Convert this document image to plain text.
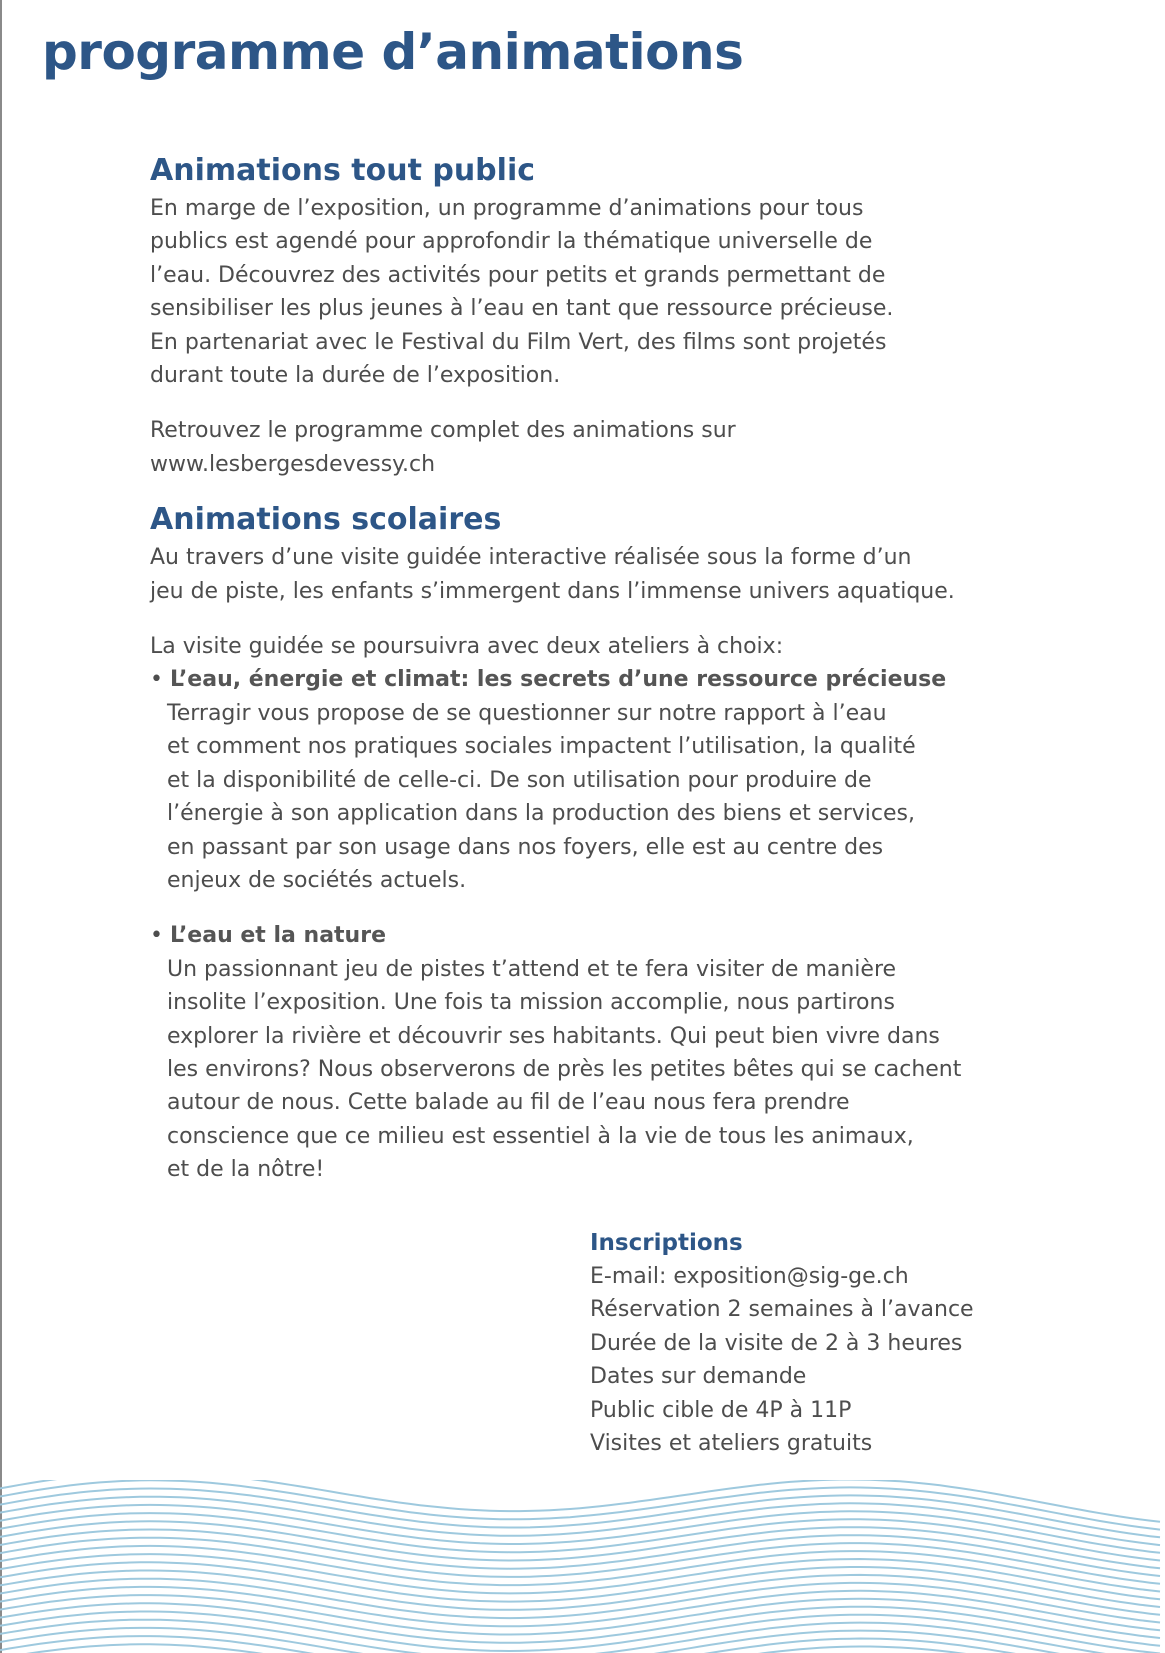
programme d’animations
Animations tout public

En marge de l’exposition, un programme d’animations pour tous
publics est agendé pour approfondir la thématique universelle de
l’eau. Découvrez des activités pour petits et grands permettant de
sensibiliser les plus jeunes à l’eau en tant que ressource précieuse.
En partenariat avec le Festival du Film Vert, des films sont projetés
durant toute la durée de l’exposition.

Retrouvez le programme complet des animations sur

www.lesbergesdevessy.ch

Animations scolaires

Au travers d’une visite guidée interactive réalisée sous la forme d’un
jeu de piste, les enfants s’immergent dans l’immense univers aquatique.

La visite guidée se poursuivra avec deux ateliers à choix:

• L’eau, énergie et climat: les secrets d’une ressource précieuse

Terragir vous propose de se questionner sur notre rapport à l’eau
et comment nos pratiques sociales impactent l’utilisation, la qualité
et la disponibilité de celle-ci. De son utilisation pour produire de
l’énergie à son application dans la production des biens et services,
en passant par son usage dans nos foyers, elle est au centre des
enjeux de sociétés actuels.

• L’eau et la nature

Un passionnant jeu de pistes t’attend et te fera visiter de manière
insolite l’exposition. Une fois ta mission accomplie, nous partirons
explorer la rivière et découvrir ses habitants. Qui peut bien vivre dans
les environs? Nous observerons de près les petites bêtes qui se cachent
autour de nous. Cette balade au fil de l’eau nous fera prendre
conscience que ce milieu est essentiel à la vie de tous les animaux,
et de la nôtre!

Inscriptions

E-mail: exposition@sig-ge.ch

Réservation 2 semaines à l’avance

Durée de la visite de 2 à 3 heures

Dates sur demande

Public cible de 4P à 11P

Visites et ateliers gratuits
